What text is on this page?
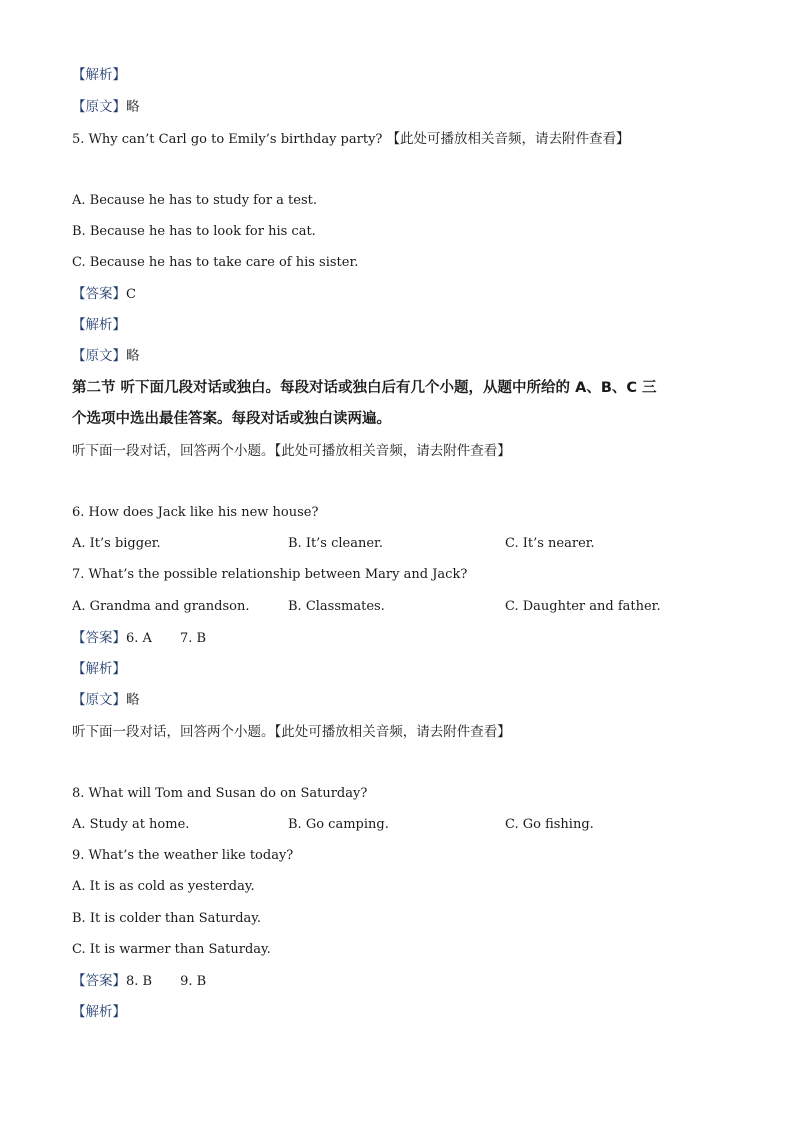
【解析】
【原文】略
5. Why can’t Carl go to Emily’s birthday party? 【此处可播放相关音频，请去附件查看】
A. Because he has to study for a test.
B. Because he has to look for his cat.
C. Because he has to take care of his sister.
【答案】C
【解析】
【原文】略
第二节 听下面几段对话或独白。每段对话或独白后有几个小题，从题中所给的 A、B、C 三
个选项中选出最佳答案。每段对话或独白读两遍。
听下面一段对话，回答两个小题。【此处可播放相关音频，请去附件查看】
6. How does Jack like his new house?
A. It’s bigger.	B. It’s cleaner.	C. It’s nearer.
7. What’s the possible relationship between Mary and Jack?
A. Grandma and grandson.	B. Classmates.	C. Daughter and father.
【答案】6. A 7. B
【解析】
【原文】略
听下面一段对话，回答两个小题。【此处可播放相关音频，请去附件查看】
8. What will Tom and Susan do on Saturday?
A. Study at home.	B. Go camping.	C. Go fishing.
9. What’s the weather like today?
A. It is as cold as yesterday.
B. It is colder than Saturday.
C. It is warmer than Saturday.
【答案】8. B 9. B
【解析】
